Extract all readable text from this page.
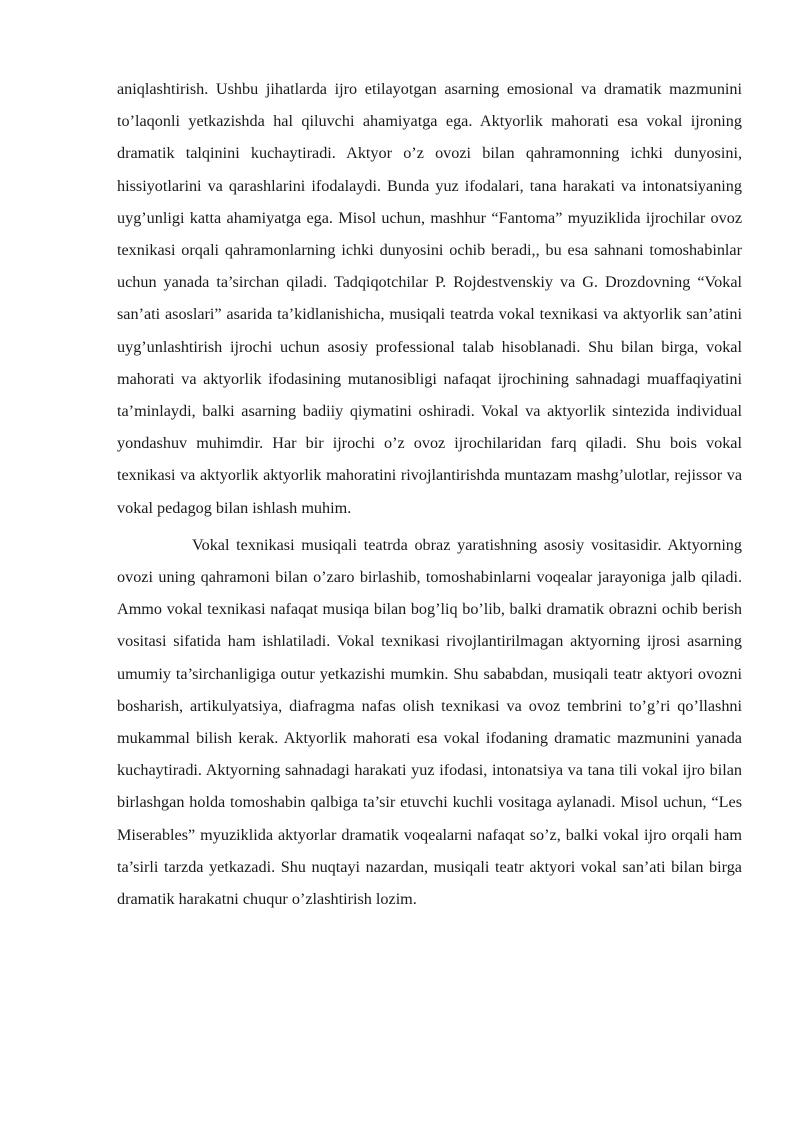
aniqlashtirish. Ushbu jihatlarda ijro etilayotgan asarning emosional va dramatik mazmunini to’laqonli yetkazishda hal qiluvchi ahamiyatga ega. Aktyorlik mahorati esa vokal ijroning dramatik talqinini kuchaytiradi. Aktyor o’z ovozi bilan qahramonning ichki dunyosini, hissiyotlarini va qarashlarini ifodalaydi. Bunda yuz ifodalari, tana harakati va intonatsiyaning uyg’unligi katta ahamiyatga ega. Misol uchun, mashhur “Fantoma” myuziklida ijrochilar ovoz texnikasi orqali qahramonlarning ichki dunyosini ochib beradi,, bu esa sahnani tomoshabinlar uchun yanada ta’sirchan qiladi. Tadqiqotchilar P. Rojdestvenskiy va G. Drozdovning “Vokal san’ati asoslari” asarida ta’kidlanishicha, musiqali teatrda vokal texnikasi va aktyorlik san’atini uyg’unlashtirish ijrochi uchun asosiy professional talab hisoblanadi. Shu bilan birga, vokal mahorati va aktyorlik ifodasining mutanosibligi nafaqat ijrochining sahnadagi muaffaqiyatini ta’minlaydi, balki asarning badiiy qiymatini oshiradi. Vokal va aktyorlik sintezida individual yondashuv muhimdir. Har bir ijrochi o’z ovoz ijrochilaridan farq qiladi. Shu bois vokal texnikasi va aktyorlik aktyorlik mahoratini rivojlantirishda muntazam mashg’ulotlar, rejissor va vokal pedagog bilan ishlash muhim.

Vokal texnikasi musiqali teatrda obraz yaratishning asosiy vositasidir. Aktyorning ovozi uning qahramoni bilan o’zaro birlashib, tomoshabinlarni voqealar jarayoniga jalb qiladi. Ammo vokal texnikasi nafaqat musiqa bilan bog’liq bo’lib, balki dramatik obrazni ochib berish vositasi sifatida ham ishlatiladi. Vokal texnikasi rivojlantirilmagan aktyorning ijrosi asarning umumiy ta’sirchanligiga outur yetkazishi mumkin. Shu sababdan, musiqali teatr aktyori ovozni bosharish, artikulyatsiya, diafragma nafas olish texnikasi va ovoz tembrini to’g’ri qo’llashni mukammal bilish kerak. Aktyorlik mahorati esa vokal ifodaning dramatic mazmunini yanada kuchaytiradi. Aktyorning sahnadagi harakati yuz ifodasi, intonatsiya va tana tili vokal ijro bilan birlashgan holda tomoshabin qalbiga ta’sir etuvchi kuchli vositaga aylanadi. Misol uchun, “Les Miserables” myuziklida aktyorlar dramatik voqealarni nafaqat so’z, balki vokal ijro orqali ham ta’sirli tarzda yetkazadi. Shu nuqtayi nazardan, musiqali teatr aktyori vokal san’ati bilan birga dramatik harakatni chuqur o’zlashtirish lozim.
